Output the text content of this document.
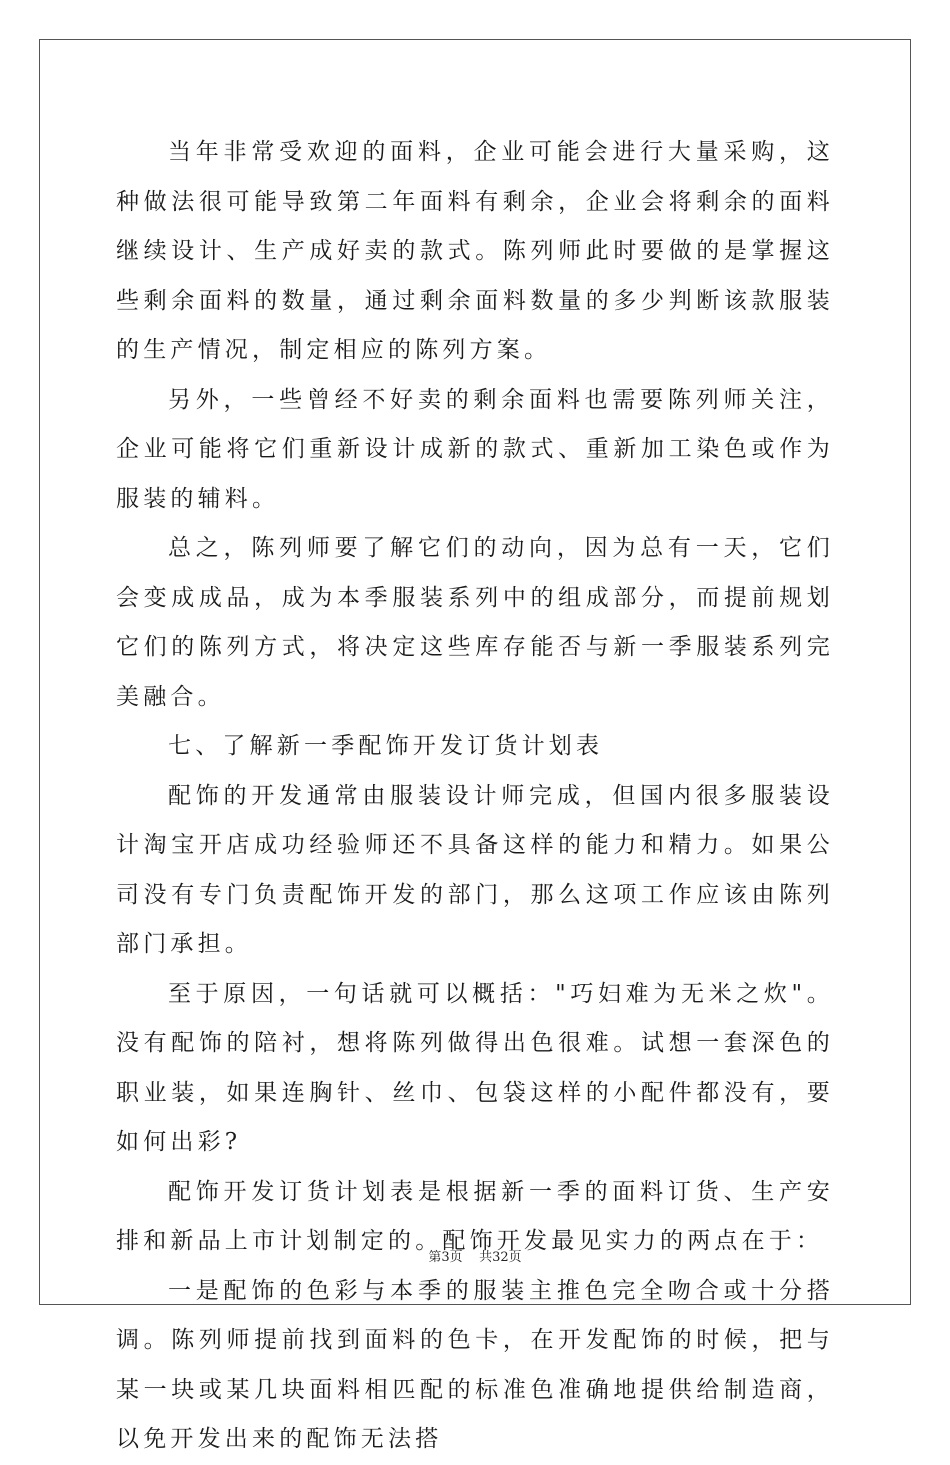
当年非常受欢迎的面料，企业可能会进行大量采购，这种做法很可能导致第二年面料有剩余，企业会将剩余的面料继续设计、生产成好卖的款式。陈列师此时要做的是掌握这些剩余面料的数量，通过剩余面料数量的多少判断该款服装的生产情况，制定相应的陈列方案。

另外，一些曾经不好卖的剩余面料也需要陈列师关注，企业可能将它们重新设计成新的款式、重新加工染色或作为服装的辅料。

总之，陈列师要了解它们的动向，因为总有一天，它们会变成成品，成为本季服装系列中的组成部分，而提前规划它们的陈列方式，将决定这些库存能否与新一季服装系列完美融合。

七、了解新一季配饰开发订货计划表

配饰的开发通常由服装设计师完成，但国内很多服装设计淘宝开店成功经验师还不具备这样的能力和精力。如果公司没有专门负责配饰开发的部门，那么这项工作应该由陈列部门承担。

至于原因，一句话就可以概括："巧妇难为无米之炊"。没有配饰的陪衬，想将陈列做得出色很难。试想一套深色的职业装，如果连胸针、丝巾、包袋这样的小配件都没有，要如何出彩?

配饰开发订货计划表是根据新一季的面料订货、生产安排和新品上市计划制定的。配饰开发最见实力的两点在于：

一是配饰的色彩与本季的服装主推色完全吻合或十分搭调。陈列师提前找到面料的色卡，在开发配饰的时候，把与某一块或某几块面料相匹配的标准色准确地提供给制造商，以免开发出来的配饰无法搭

第3页    共32页
